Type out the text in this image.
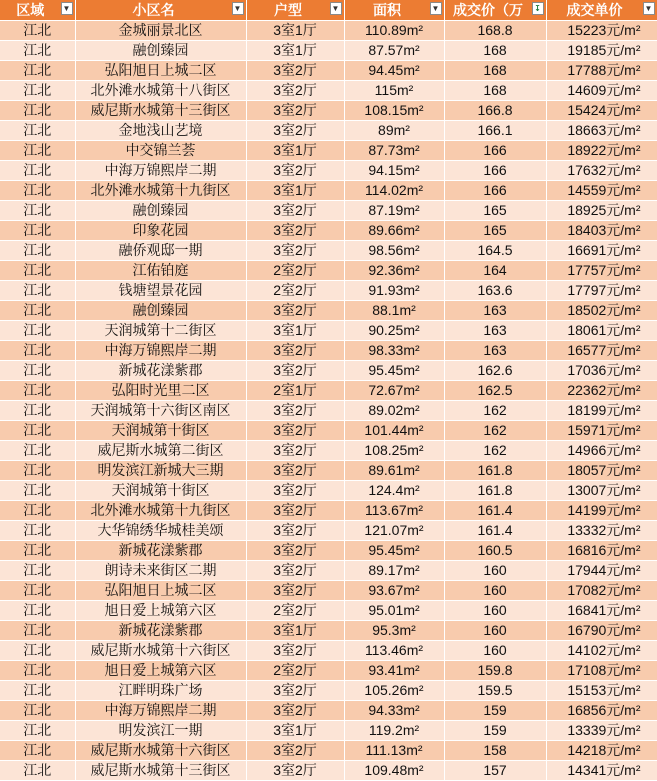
区域 ▼	小区名 ▼	户型 ▼	面积 ▼	成交价（万 ↧	成交单价 ▼

江北	金城丽景北区	3室1厅	110.89m²	168.8	15223元/m²
江北	融创臻园	3室1厅	87.57m²	168	19185元/m²
江北	弘阳旭日上城二区	3室2厅	94.45m²	168	17788元/m²
江北	北外滩水城第十八街区	3室2厅	115m²	168	14609元/m²
江北	威尼斯水城第十三街区	3室2厅	108.15m²	166.8	15424元/m²
江北	金地浅山艺境	3室2厅	89m²	166.1	18663元/m²
江北	中交锦兰荟	3室1厅	87.73m²	166	18922元/m²
江北	中海万锦熙岸二期	3室2厅	94.15m²	166	17632元/m²
江北	北外滩水城第十九街区	3室1厅	114.02m²	166	14559元/m²
江北	融创臻园	3室2厅	87.19m²	165	18925元/m²
江北	印象花园	3室2厅	89.66m²	165	18403元/m²
江北	融侨观邸一期	3室2厅	98.56m²	164.5	16691元/m²
江北	江佑铂庭	2室2厅	92.36m²	164	17757元/m²
江北	钱塘望景花园	2室2厅	91.93m²	163.6	17797元/m²
江北	融创臻园	3室2厅	88.1m²	163	18502元/m²
江北	天润城第十二街区	3室1厅	90.25m²	163	18061元/m²
江北	中海万锦熙岸二期	3室2厅	98.33m²	163	16577元/m²
江北	新城花漾紫郡	3室2厅	95.45m²	162.6	17036元/m²
江北	弘阳时光里二区	2室1厅	72.67m²	162.5	22362元/m²
江北	天润城第十六街区南区	3室2厅	89.02m²	162	18199元/m²
江北	天润城第十街区	3室2厅	101.44m²	162	15971元/m²
江北	威尼斯水城第二街区	3室2厅	108.25m²	162	14966元/m²
江北	明发滨江新城大三期	3室2厅	89.61m²	161.8	18057元/m²
江北	天润城第十街区	3室2厅	124.4m²	161.8	13007元/m²
江北	北外滩水城第十九街区	3室2厅	113.67m²	161.4	14199元/m²
江北	大华锦绣华城桂美颂	3室2厅	121.07m²	161.4	13332元/m²
江北	新城花漾紫郡	3室2厅	95.45m²	160.5	16816元/m²
江北	朗诗未来街区二期	3室2厅	89.17m²	160	17944元/m²
江北	弘阳旭日上城二区	3室2厅	93.67m²	160	17082元/m²
江北	旭日爱上城第六区	2室2厅	95.01m²	160	16841元/m²
江北	新城花漾紫郡	3室1厅	95.3m²	160	16790元/m²
江北	威尼斯水城第十六街区	3室2厅	113.46m²	160	14102元/m²
江北	旭日爱上城第六区	2室2厅	93.41m²	159.8	17108元/m²
江北	江畔明珠广场	3室2厅	105.26m²	159.5	15153元/m²
江北	中海万锦熙岸二期	3室2厅	94.33m²	159	16856元/m²
江北	明发滨江一期	3室1厅	119.2m²	159	13339元/m²
江北	威尼斯水城第十六街区	3室2厅	111.13m²	158	14218元/m²
江北	威尼斯水城第十三街区	3室2厅	109.48m²	157	14341元/m²
